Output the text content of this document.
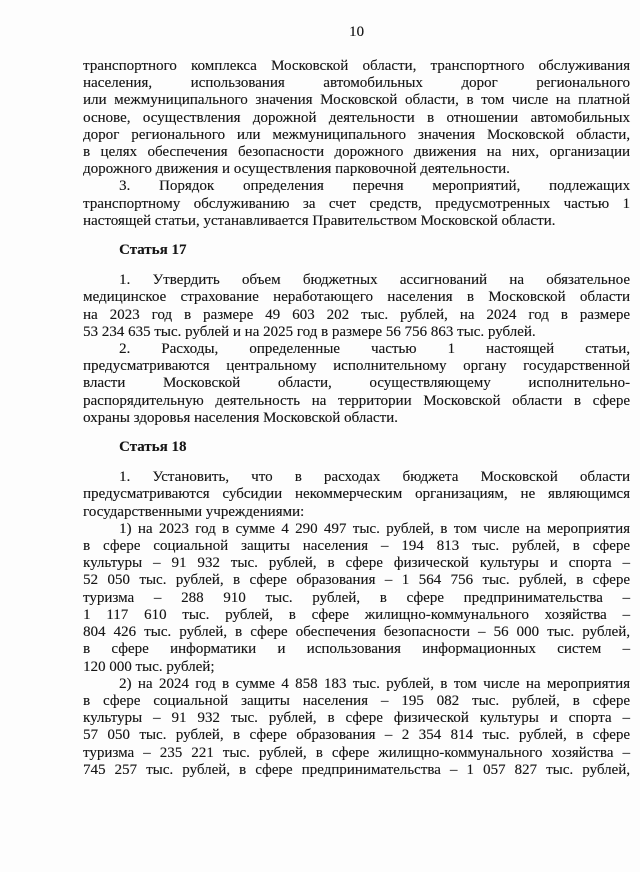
10
транспортного комплекса Московской области, транспортного обслуживания
населения, использования автомобильных дорог регионального
или межмуниципального значения Московской области, в том числе на платной
основе, осуществления дорожной деятельности в отношении автомобильных
дорог регионального или межмуниципального значения Московской области,
в целях обеспечения безопасности дорожного движения на них, организации
дорожного движения и осуществления парковочной деятельности.
3. Порядок определения перечня мероприятий, подлежащих
транспортному обслуживанию за счет средств, предусмотренных частью 1
настоящей статьи, устанавливается Правительством Московской области.
Статья 17
1. Утвердить объем бюджетных ассигнований на обязательное
медицинское страхование неработающего населения в Московской области
на 2023 год в размере 49 603 202 тыс. рублей, на 2024 год в размере
53 234 635 тыс. рублей и на 2025 год в размере 56 756 863 тыс. рублей.
2. Расходы, определенные частью 1 настоящей статьи,
предусматриваются центральному исполнительному органу государственной
власти Московской области, осуществляющему исполнительно-
распорядительную деятельность на территории Московской области в сфере
охраны здоровья населения Московской области.
Статья 18
1. Установить, что в расходах бюджета Московской области
предусматриваются субсидии некоммерческим организациям, не являющимся
государственными учреждениями:
1) на 2023 год в сумме 4 290 497 тыс. рублей, в том числе на мероприятия
в сфере социальной защиты населения – 194 813 тыс. рублей, в сфере
культуры – 91 932 тыс. рублей, в сфере физической культуры и спорта –
52 050 тыс. рублей, в сфере образования – 1 564 756 тыс. рублей, в сфере
туризма – 288 910 тыс. рублей, в сфере предпринимательства –
1 117 610 тыс. рублей, в сфере жилищно-коммунального хозяйства –
804 426 тыс. рублей, в сфере обеспечения безопасности – 56 000 тыс. рублей,
в сфере информатики и использования информационных систем –
120 000 тыс. рублей;
2) на 2024 год в сумме 4 858 183 тыс. рублей, в том числе на мероприятия
в сфере социальной защиты населения – 195 082 тыс. рублей, в сфере
культуры – 91 932 тыс. рублей, в сфере физической культуры и спорта –
57 050 тыс. рублей, в сфере образования – 2 354 814 тыс. рублей, в сфере
туризма – 235 221 тыс. рублей, в сфере жилищно-коммунального хозяйства –
745 257 тыс. рублей, в сфере предпринимательства – 1 057 827 тыс. рублей,
